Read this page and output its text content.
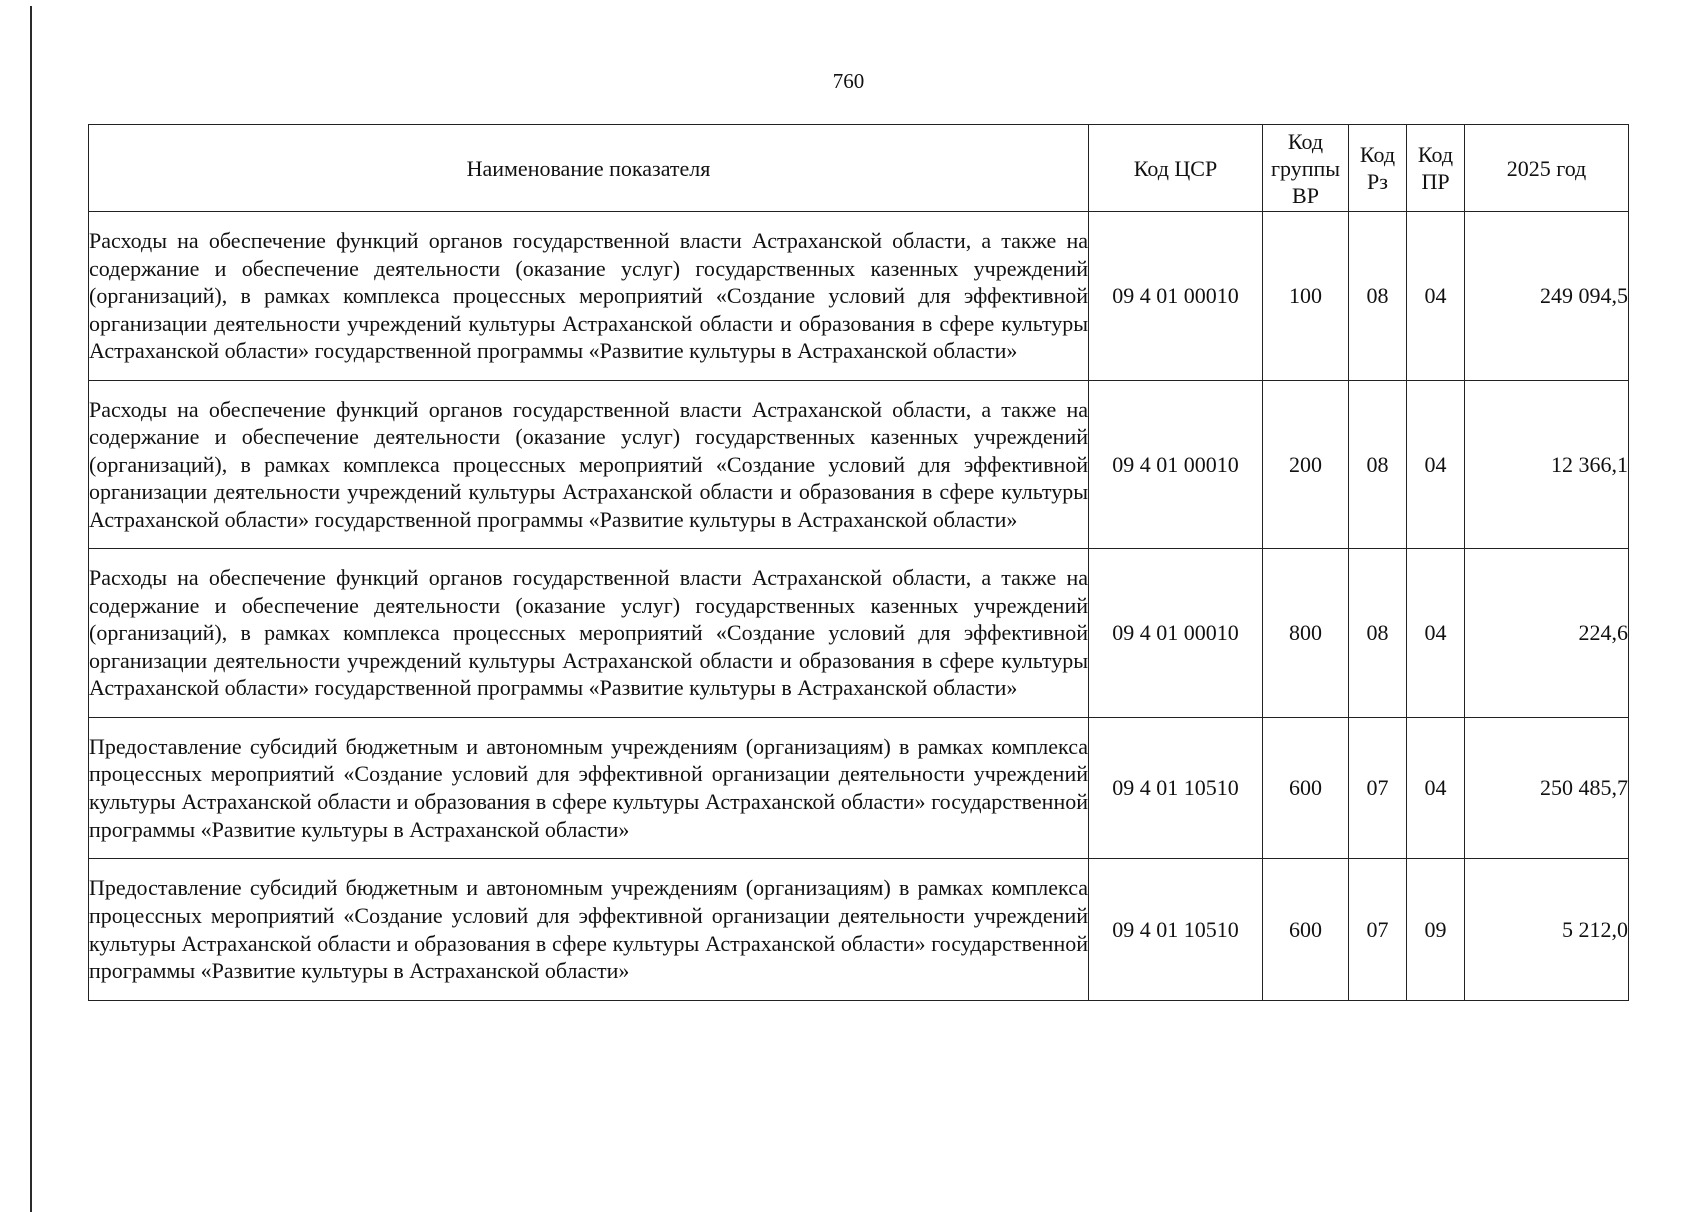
760
Наименование показателя	Код ЦСР	Код группы ВР	Код Рз	Код ПР	2025 год
Расходы на обеспечение функций органов государственной власти Астраханской области, а также на содержание и обеспечение деятельности (оказание услуг) государственных казенных учреждений (организаций), в рамках комплекса процессных мероприятий «Создание условий для эффективной организации деятельности учреждений культуры Астраханской области и образования в сфере культуры Астраханской области» государственной программы «Развитие культуры в Астраханской области»	09 4 01 00010	100	08	04	249 094,5
Расходы на обеспечение функций органов государственной власти Астраханской области, а также на содержание и обеспечение деятельности (оказание услуг) государственных казенных учреждений (организаций), в рамках комплекса процессных мероприятий «Создание условий для эффективной организации деятельности учреждений культуры Астраханской области и образования в сфере культуры Астраханской области» государственной программы «Развитие культуры в Астраханской области»	09 4 01 00010	200	08	04	12 366,1
Расходы на обеспечение функций органов государственной власти Астраханской области, а также на содержание и обеспечение деятельности (оказание услуг) государственных казенных учреждений (организаций), в рамках комплекса процессных мероприятий «Создание условий для эффективной организации деятельности учреждений культуры Астраханской области и образования в сфере культуры Астраханской области» государственной программы «Развитие культуры в Астраханской области»	09 4 01 00010	800	08	04	224,6
Предоставление субсидий бюджетным и автономным учреждениям (организациям) в рамках комплекса процессных мероприятий «Создание условий для эффективной организации деятельности учреждений культуры Астраханской области и образования в сфере культуры Астраханской области» государственной программы «Развитие культуры в Астраханской области»	09 4 01 10510	600	07	04	250 485,7
Предоставление субсидий бюджетным и автономным учреждениям (организациям) в рамках комплекса процессных мероприятий «Создание условий для эффективной организации деятельности учреждений культуры Астраханской области и образования в сфере культуры Астраханской области» государственной программы «Развитие культуры в Астраханской области»	09 4 01 10510	600	07	09	5 212,0
